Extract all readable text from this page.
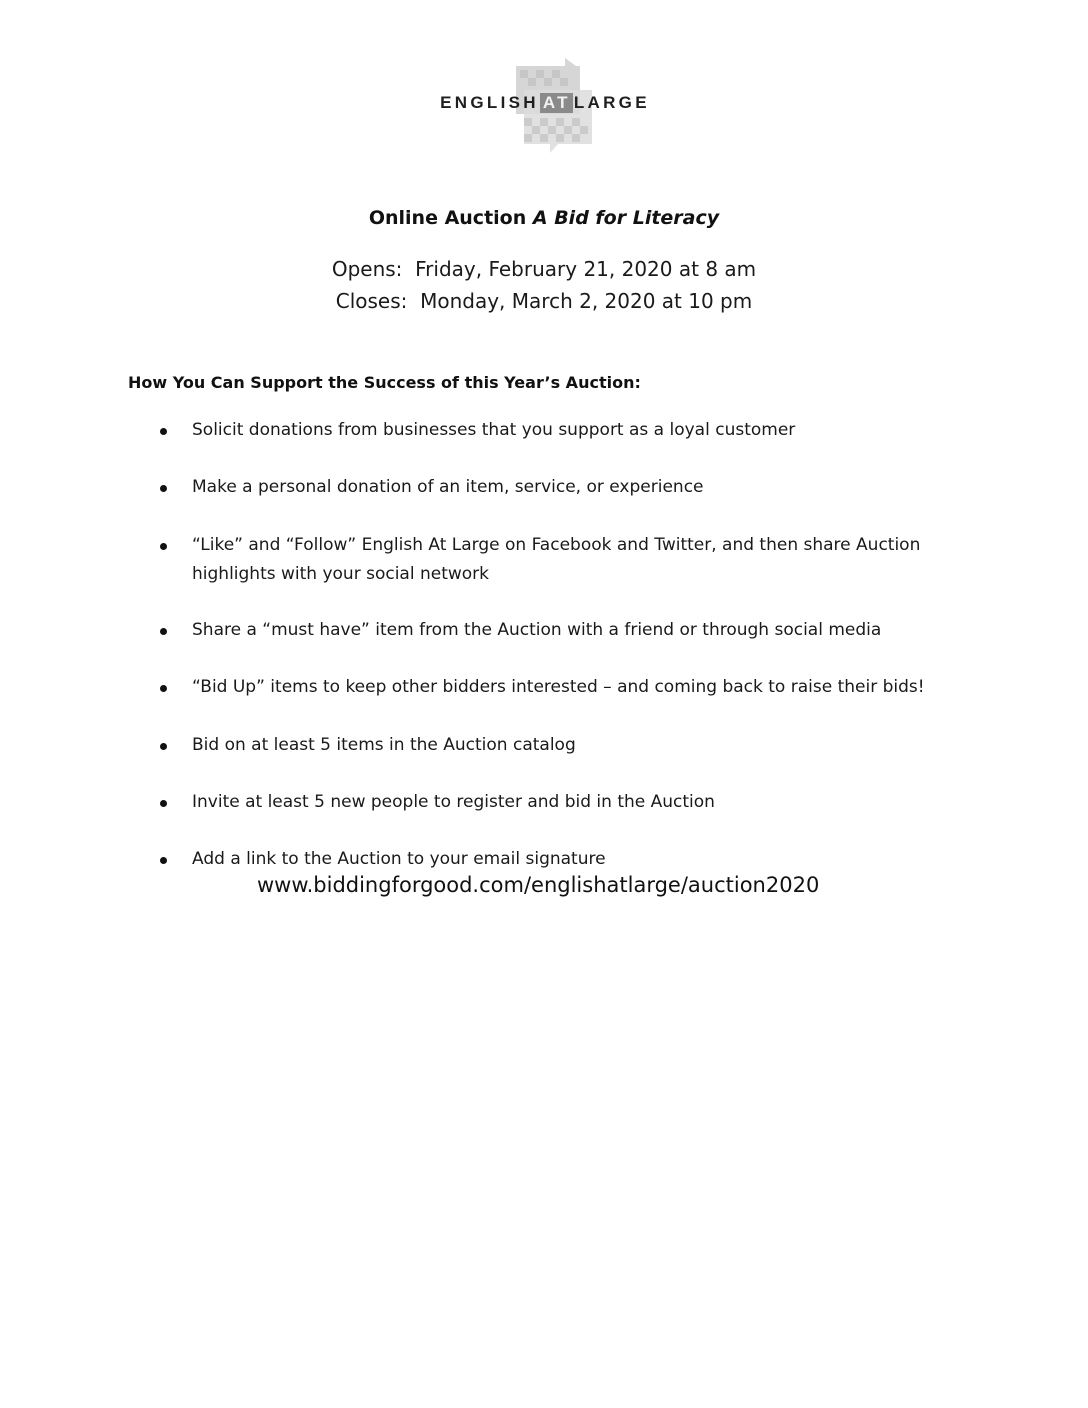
ENGLISH AT LARGE
Online Auction A Bid for Literacy
Opens:  Friday, February 21, 2020 at 8 am
Closes:  Monday, March 2, 2020 at 10 pm
How You Can Support the Success of this Year’s Auction:
Solicit donations from businesses that you support as a loyal customer
Make a personal donation of an item, service, or experience
“Like” and “Follow” English At Large on Facebook and Twitter, and then share Auction highlights with your social network
Share a “must have” item from the Auction with a friend or through social media
“Bid Up” items to keep other bidders interested – and coming back to raise their bids!
Bid on at least 5 items in the Auction catalog
Invite at least 5 new people to register and bid in the Auction
Add a link to the Auction to your email signature
www.biddingforgood.com/englishatlarge/auction2020
